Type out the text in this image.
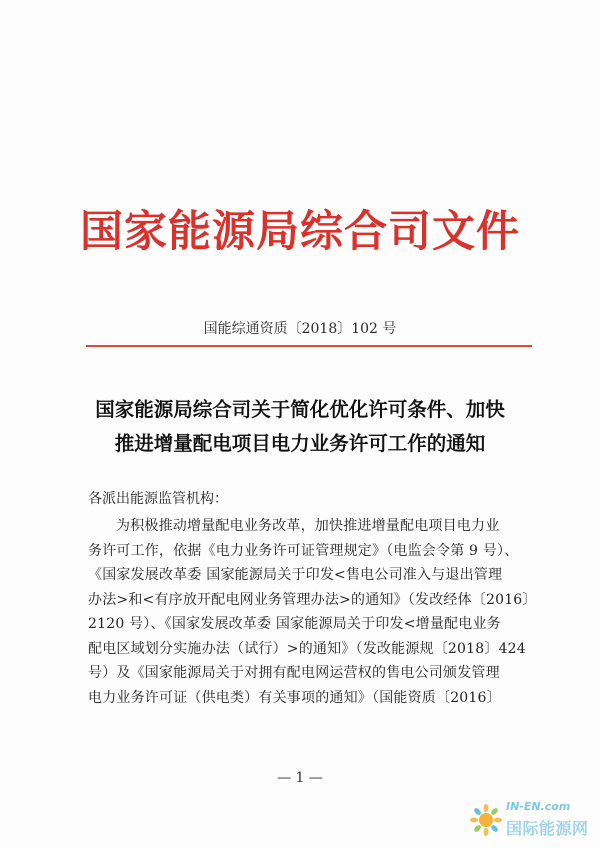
国家能源局综合司文件
国能综通资质〔2018〕102 号
国家能源局综合司关于简化优化许可条件、加快
推进增量配电项目电力业务许可工作的通知
各派出能源监管机构：
为积极推动增量配电业务改革，加快推进增量配电项目电力业
务许可工作，依据《电力业务许可证管理规定》（电监会令第 9 号）、
《国家发展改革委 国家能源局关于印发<售电公司准入与退出管理
办法>和<有序放开配电网业务管理办法>的通知》（发改经体〔2016〕
2120 号）、《国家发展改革委 国家能源局关于印发<增量配电业务
配电区域划分实施办法（试行）>的通知》（发改能源规〔2018〕424
号）及《国家能源局关于对拥有配电网运营权的售电公司颁发管理
电力业务许可证（供电类）有关事项的通知》（国能资质〔2016〕
— 1 —
IN-EN.com
国际能源网
